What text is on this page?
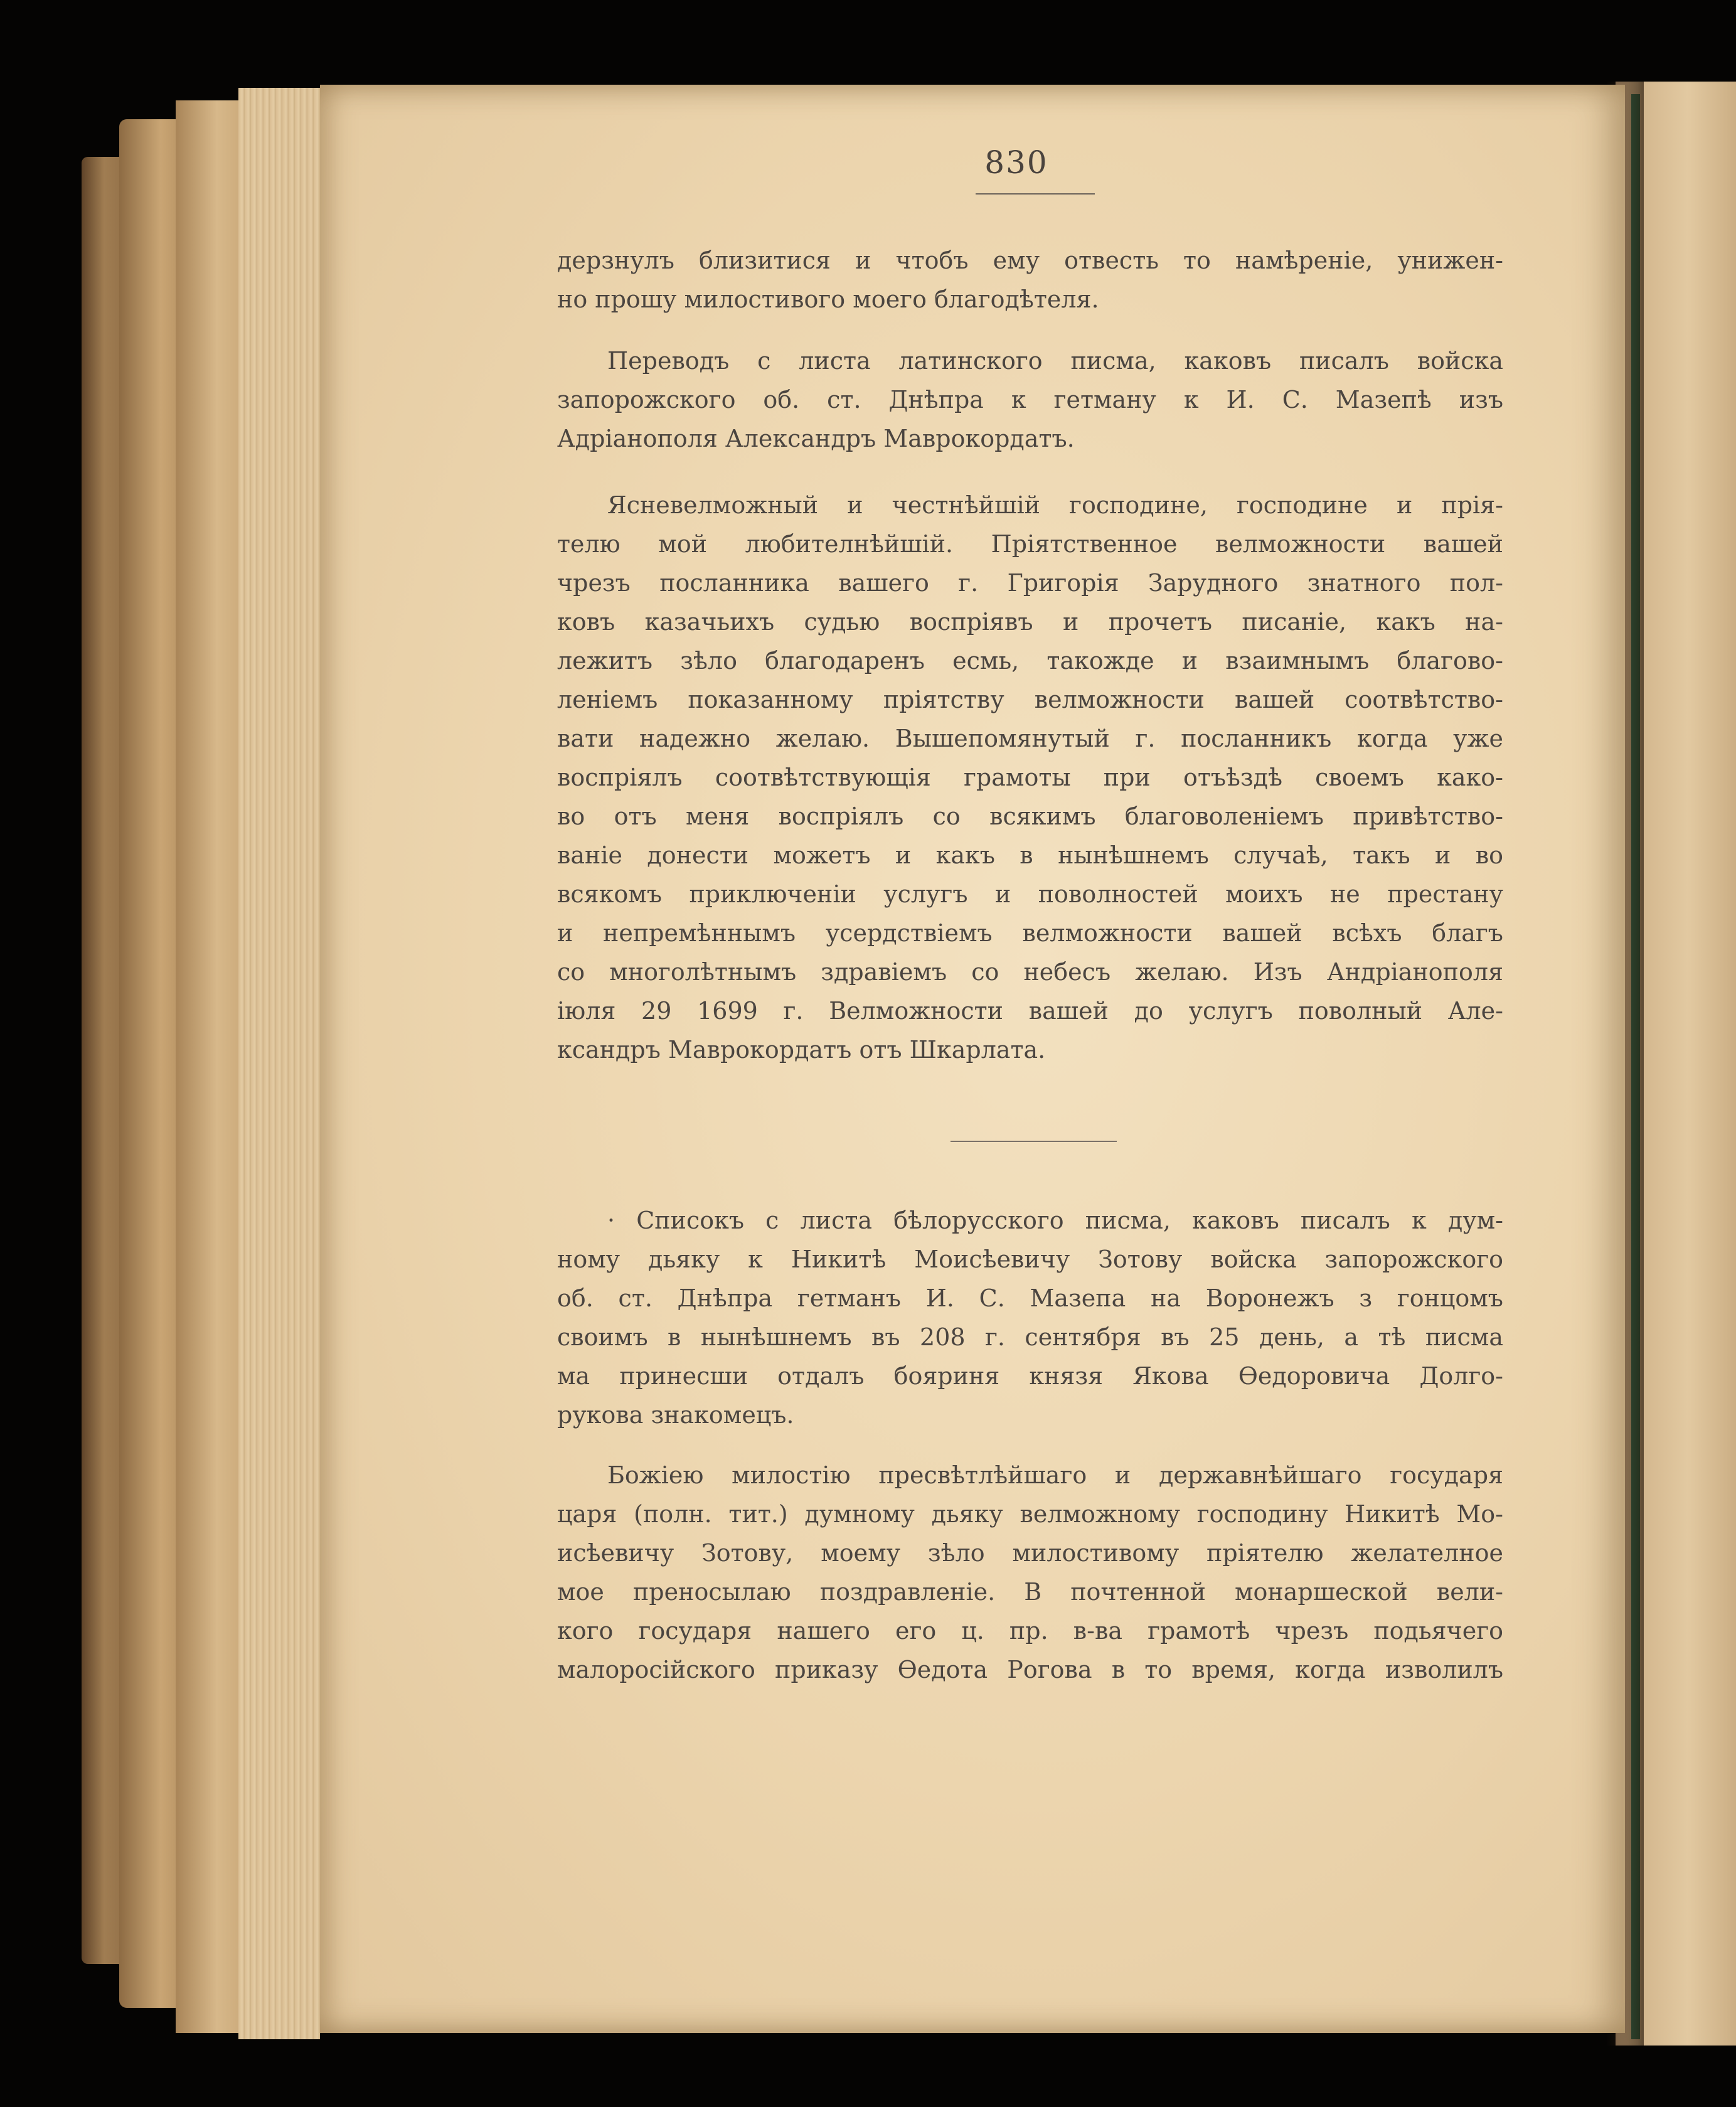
830
дерзнулъ близитися и чтобъ ему отвесть то намѣреніе, унижен-
но прошу милостивого моего благодѣтеля.
Переводъ с листа латинского писма, каковъ писалъ войска
запорожского об. ст. Днѣпра к гетману к И. С. Мазепѣ изъ
Адріанополя Александръ Маврокордатъ.
Ясневелможный и честнѣйшій господине, господине и прія-
телю мой любителнѣйшій. Пріятственное велможности вашей
чрезъ посланника вашего г. Григорія Зарудного знатного пол-
ковъ казачьихъ судью воспріявъ и прочетъ писаніе, какъ на-
лежитъ зѣло благодаренъ есмь, такожде и взаимнымъ благово-
леніемъ показанному пріятству велможности вашей соотвѣтство-
вати надежно желаю. Вышепомянутый г. посланникъ когда уже
воспріялъ соотвѣтствующія грамоты при отъѣздѣ своемъ како-
во отъ меня воспріялъ со всякимъ благоволеніемъ привѣтство-
ваніе донести можетъ и какъ в нынѣшнемъ случаѣ, такъ и во
всякомъ приключеніи услугъ и поволностей моихъ не престану
и непремѣннымъ усердствіемъ велможности вашей всѣхъ благъ
со многолѣтнымъ здравіемъ со небесъ желаю. Изъ Андріанополя
іюля 29 1699 г. Велможности вашей до услугъ поволный Але-
ксандръ Маврокордатъ отъ Шкарлата.
· Списокъ с листа бѣлорусского писма, каковъ писалъ к дум-
ному дьяку к Никитѣ Моисѣевичу Зотову войска запорожского
об. ст. Днѣпра гетманъ И. С. Мазепа на Воронежъ з гонцомъ
своимъ в нынѣшнемъ въ 208 г. сентября въ 25 день, а тѣ писма
ма принесши отдалъ бояриня князя Якова Өедоровича Долго-
рукова знакомецъ.
Божіею милостію пресвѣтлѣйшаго и державнѣйшаго государя
царя (полн. тит.) думному дьяку велможному господину Никитѣ Мо-
исѣевичу Зотову, моему зѣло милостивому пріятелю желателное
мое преносылаю поздравленіе. В почтенной монаршеской вели-
кого государя нашего его ц. пр. в-ва грамотѣ чрезъ подьячего
малоросійского приказу Өедота Рогова в то время, когда изволилъ
